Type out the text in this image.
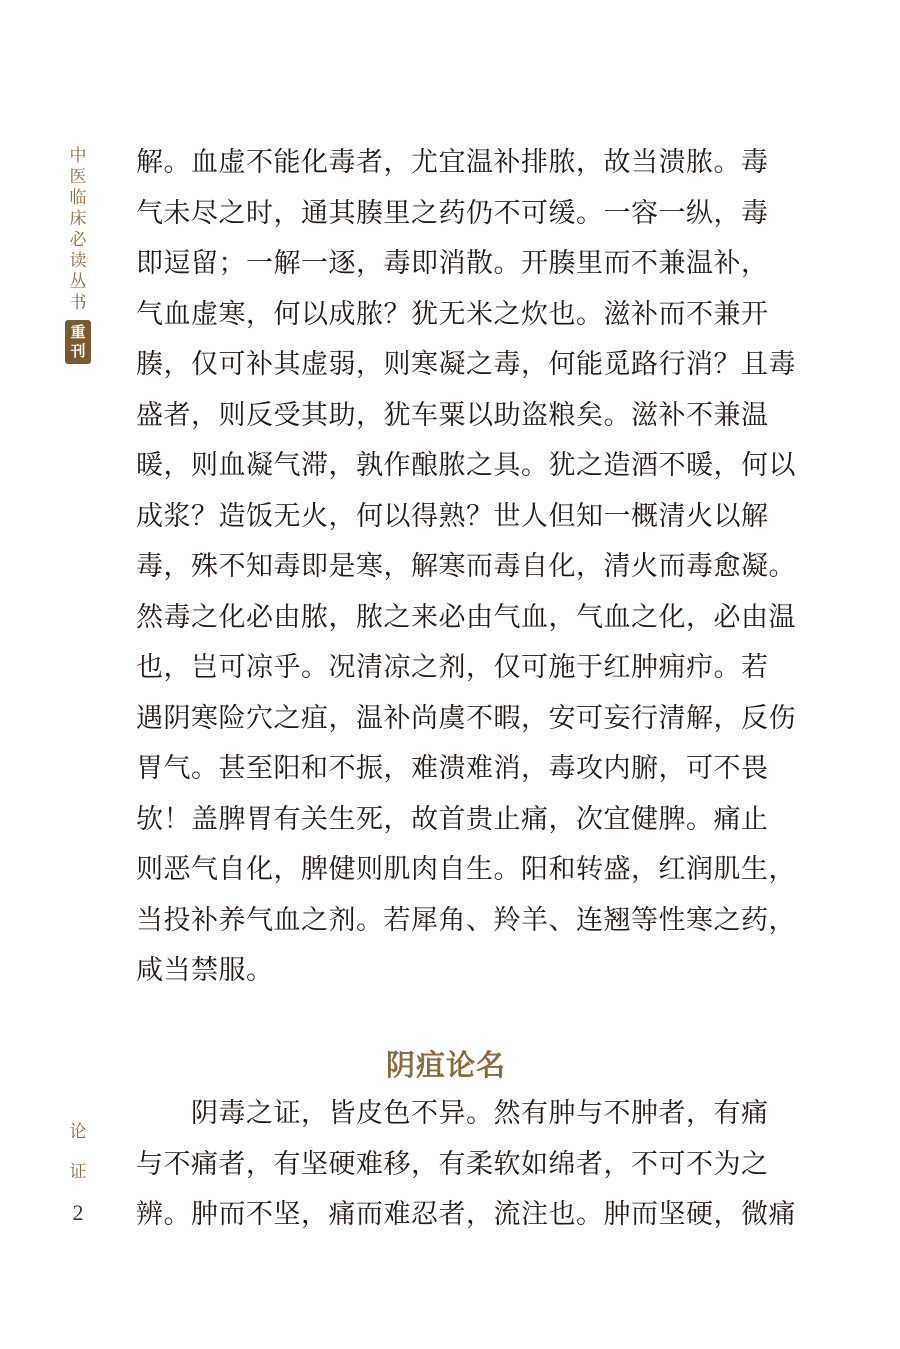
中
医
临
床
必
读
丛
书
重
刊
论
证
2
解。血虚不能化毒者，尤宜温补排脓，故当溃脓。毒
气未尽之时，通其腠里之药仍不可缓。一容一纵，毒
即逗留；一解一逐，毒即消散。开腠里而不兼温补，
气血虚寒，何以成脓？犹无米之炊也。滋补而不兼开
腠，仅可补其虚弱，则寒凝之毒，何能觅路行消？且毒
盛者，则反受其助，犹车粟以助盗粮矣。滋补不兼温
暖，则血凝气滞，孰作酿脓之具。犹之造酒不暖，何以
成浆？造饭无火，何以得熟？世人但知一概清火以解
毒，殊不知毒即是寒，解寒而毒自化，清火而毒愈凝。
然毒之化必由脓，脓之来必由气血，气血之化，必由温
也，岂可凉乎。况清凉之剂，仅可施于红肿痈疖。若
遇阴寒险穴之疽，温补尚虞不暇，安可妄行清解，反伤
胃气。甚至阳和不振，难溃难消，毒攻内腑，可不畏
欤！盖脾胃有关生死，故首贵止痛，次宜健脾。痛止
则恶气自化，脾健则肌肉自生。阳和转盛，红润肌生，
当投补养气血之剂。若犀角、羚羊、连翘等性寒之药，
咸当禁服。
阴疽论名
　　阴毒之证，皆皮色不异。然有肿与不肿者，有痛
与不痛者，有坚硬难移，有柔软如绵者，不可不为之
辨。肿而不坚，痛而难忍者，流注也。肿而坚硬，微痛
